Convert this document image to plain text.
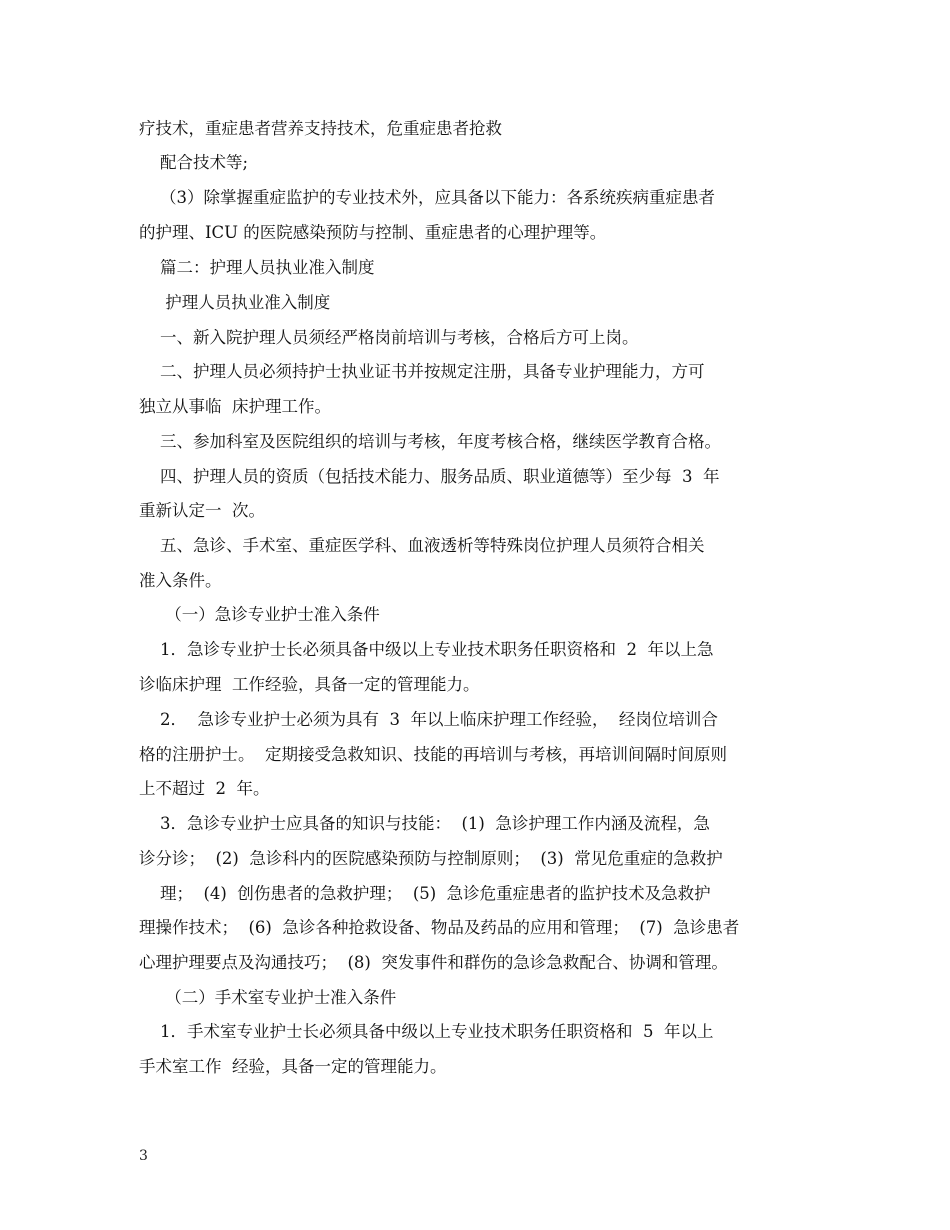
疗技术，重症患者营养支持技术，危重症患者抢救
配合技术等;
（3）除掌握重症监护的专业技术外，应具备以下能力：各系统疾病重症患者
的护理、ICU 的医院感染预防与控制、重症患者的心理护理等。
篇二：护理人员执业准入制度
护理人员执业准入制度
一、新入院护理人员须经严格岗前培训与考核，合格后方可上岗。
二、护理人员必须持护士执业证书并按规定注册，具备专业护理能力，方可
独立从事临  床护理工作。
三、参加科室及医院组织的培训与考核，年度考核合格，继续医学教育合格。
四、护理人员的资质（包括技术能力、服务品质、职业道德等）至少每  3  年
重新认定一  次。
五、急诊、手术室、重症医学科、血液透析等特殊岗位护理人员须符合相关
准入条件。
（一）急诊专业护士准入条件
1．急诊专业护士长必须具备中级以上专业技术职务任职资格和  2  年以上急
诊临床护理  工作经验，具备一定的管理能力。
2．  急诊专业护士必须为具有  3  年以上临床护理工作经验，  经岗位培训合
格的注册护士。  定期接受急救知识、技能的再培训与考核，再培训间隔时间原则
上不超过  2  年。
3．急诊专业护士应具备的知识与技能：  (1)  急诊护理工作内涵及流程，急
诊分诊；  (2)  急诊科内的医院感染预防与控制原则；  (3)  常见危重症的急救护
理；  (4)  创伤患者的急救护理；  (5)  急诊危重症患者的监护技术及急救护
理操作技术；  (6)  急诊各种抢救设备、物品及药品的应用和管理；  (7)  急诊患者
心理护理要点及沟通技巧；  (8)  突发事件和群伤的急诊急救配合、协调和管理。
（二）手术室专业护士准入条件
1．手术室专业护士长必须具备中级以上专业技术职务任职资格和  5  年以上
手术室工作  经验，具备一定的管理能力。
3
